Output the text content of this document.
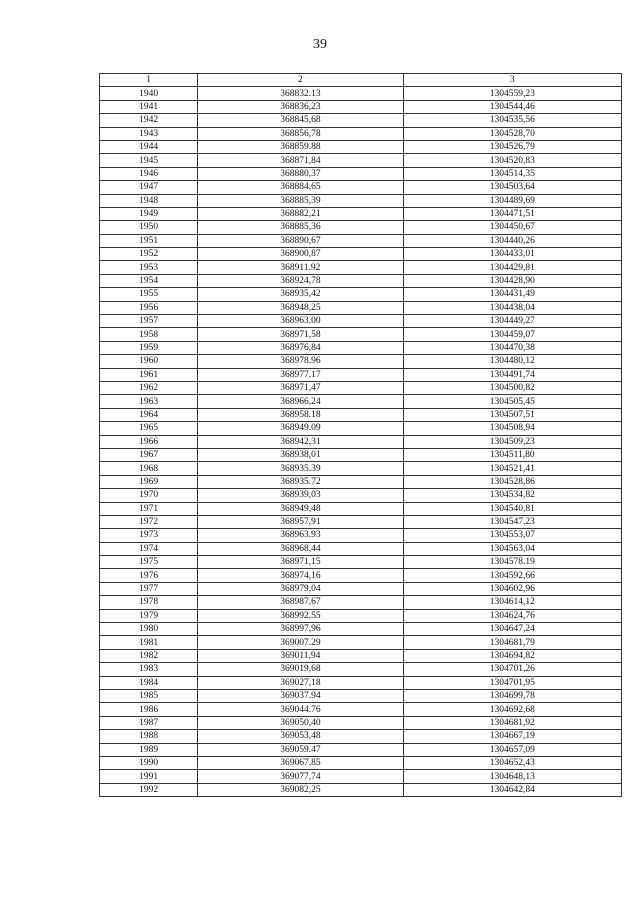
39
1	2	3
1940	368832.13	1304559,23
1941	368836,23	1304544,46
1942	368845,68	1304535,56
1943	368856,78	1304528,70
1944	368859.88	1304526,79
1945	368871,84	1304520,83
1946	368880,37	1304514,35
1947	368884,65	1304503,64
1948	368885,39	1304489,69
1949	368882,21	1304471,51
1950	368885,36	1304450,67
1951	368890,67	1304440,26
1952	368900,87	1304433,01
1953	368911.92	1304429,81
1954	368924,78	1304428,90
1955	368935,42	1304431,49
1956	368948,25	1304438,04
1957	368963.00	1304449,27
1958	368971,58	1304459,07
1959	368976,84	1304470,38
1960	368978.96	1304480,12
1961	368977.17	1304491,74
1962	368971,47	1304500,82
1963	368966,24	1304505,45
1964	368958.18	1304507,51
1965	368949.09	1304508,94
1966	368942,31	1304509,23
1967	368938,01	1304511,80
1968	368935.39	1304521,41
1969	368935.72	1304528,86
1970	368939,03	1304534,82
1971	368949,48	1304540,81
1972	368957,91	1304547,23
1973	368963.93	1304553,07
1974	368968,44	1304563,04
1975	368971,15	1304578.19
1976	368974,16	1304592,66
1977	368979,04	1304602,96
1978	368987,67	1304614,12
1979	368992,55	1304624,76
1980	368997,96	1304647,24
1981	369007.29	1304681,79
1982	369011,94	1304694,82
1983	369019,68	1304701,26
1984	369027,18	1304701,95
1985	369037.94	1304699,78
1986	369044.76	1304692,68
1987	369050,40	1304681,92
1988	369053,48	1304667,19
1989	369059.47	1304657,09
1990	369067.85	1304652,43
1991	369077,74	1304648,13
1992	369082,25	1304642,84
